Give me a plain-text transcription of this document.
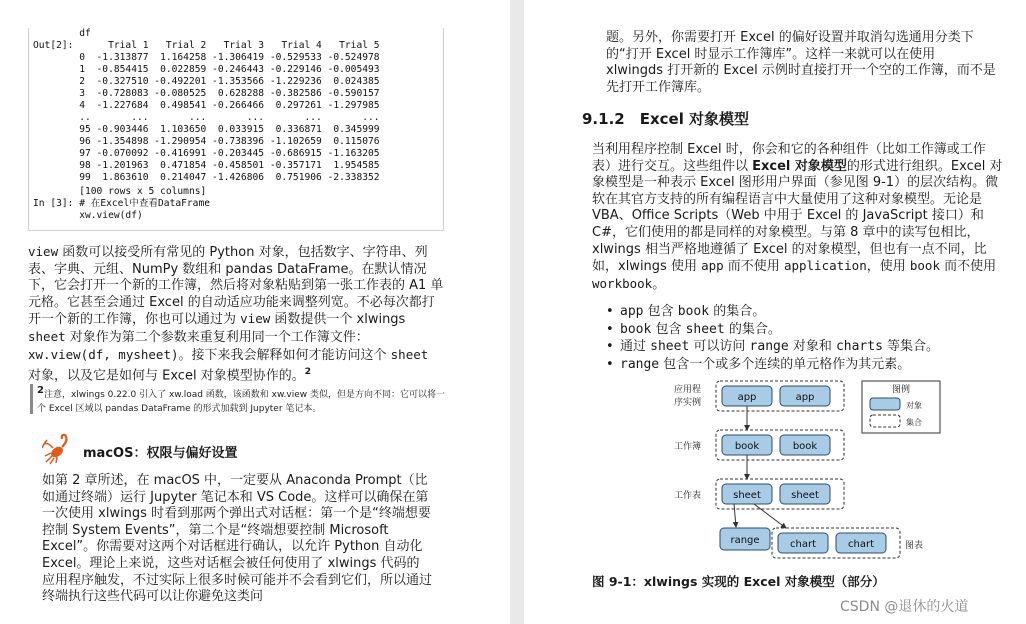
df
Out[2]:      Trial 1   Trial 2   Trial 3   Trial 4   Trial 5
0  -1.313877  1.164258 -1.306419 -0.529533 -0.524978
1  -0.854415  0.022859 -0.246443 -0.229146 -0.005493
2  -0.327510 -0.492201 -1.353566 -1.229236  0.024385
3  -0.728083 -0.080525  0.628288 -0.382586 -0.590157
4  -1.227684  0.498541 -0.266466  0.297261 -1.297985
..       ...       ...       ...       ...       ...
95 -0.903446  1.103650  0.033915  0.336871  0.345999
96 -1.354898 -1.290954 -0.738396 -1.102659  0.115076
97 -0.070092 -0.416991 -0.203445 -0.686915 -1.163205
98 -1.201963  0.471854 -0.458501 -0.357171  1.954585
99  1.863610  0.214047 -1.426806  0.751906 -2.338352
[100 rows x 5 columns]
In [3]: # 在Excel中查看DataFrame
xw.view(df)
view 函数可以接受所有常见的 Python 对象，包括数字、字符串、列表、字典、元组、NumPy 数组和 pandas DataFrame。在默认情况下，它会打开一个新的工作簿，然后将对象粘贴到第一张工作表的 A1 单元格。它甚至会通过 Excel 的自动适应功能来调整列宽。不必每次都打开一个新的工作簿，你也可以通过为 view 函数提供一个 xlwings sheet 对象作为第二个参数来重复利用同一个工作簿文件：xw.view(df, mysheet)。接下来我会解释如何才能访问这个 sheet 对象，以及它是如何与 Excel 对象模型协作的。$^2$
$^2$注意，xlwings 0.22.0 引入了 xw.load 函数，该函数和 xw.view 类似，但是方向不同：它可以将一个 Excel 区域以 pandas DataFrame 的形式加载到 Jupyter 笔记本。
macOS：权限与偏好设置
如第 2 章所述，在 macOS 中，一定要从 Anaconda Prompt（比如通过终端）运行 Jupyter 笔记本和 VS Code。这样可以确保在第一次使用 xlwings 时看到那两个弹出式对话框：第一个是“终端想要控制 System Events”，第二个是“终端想要控制 Microsoft Excel”。你需要对这两个对话框进行确认，以允许 Python 自动化 Excel。理论上来说，这些对话框会被任何使用了 xlwings 代码的应用程序触发，不过实际上很多时候可能并不会看到它们，所以通过终端执行这些代码可以让你避免这类问
题。另外，你需要打开 Excel 的偏好设置并取消勾选通用分类下的“打开 Excel 时显示工作簿库”。这样一来就可以在使用 xlwingds 打开新的 Excel 示例时直接打开一个空的工作簿，而不是先打开工作簿库。
9.1.2　Excel 对象模型
当利用程序控制 Excel 时，你会和它的各种组件（比如工作簿或工作表）进行交互。这些组件以 Excel 对象模型的形式进行组织。Excel 对象模型是一种表示 Excel 图形用户界面（参见图 9-1）的层次结构。微软在其官方支持的所有编程语言中大量使用了这种对象模型。无论是 VBA、Office Scripts（Web 中用于 Excel 的 JavaScript 接口）和 C#，它们使用的都是同样的对象模型。与第 8 章中的读写包相比，xlwings 相当严格地遵循了 Excel 的对象模型，但也有一点不同，比如，xlwings 使用 app 而不使用 application，使用 book 而不使用 workbook。
• app 包含 book 的集合。
• book 包含 sheet 的集合。
• 通过 sheet 可以访问 range 对象和 charts 等集合。
• range 包含一个或多个连续的单元格作为其元素。
应用程
序实例
工作簿
工作表
app	app
book	book
sheet	sheet
range	chart	chart	图表
图例
对象
集合
图 9-1：xlwings 实现的 Excel 对象模型（部分）
CSDN @退休的火道
